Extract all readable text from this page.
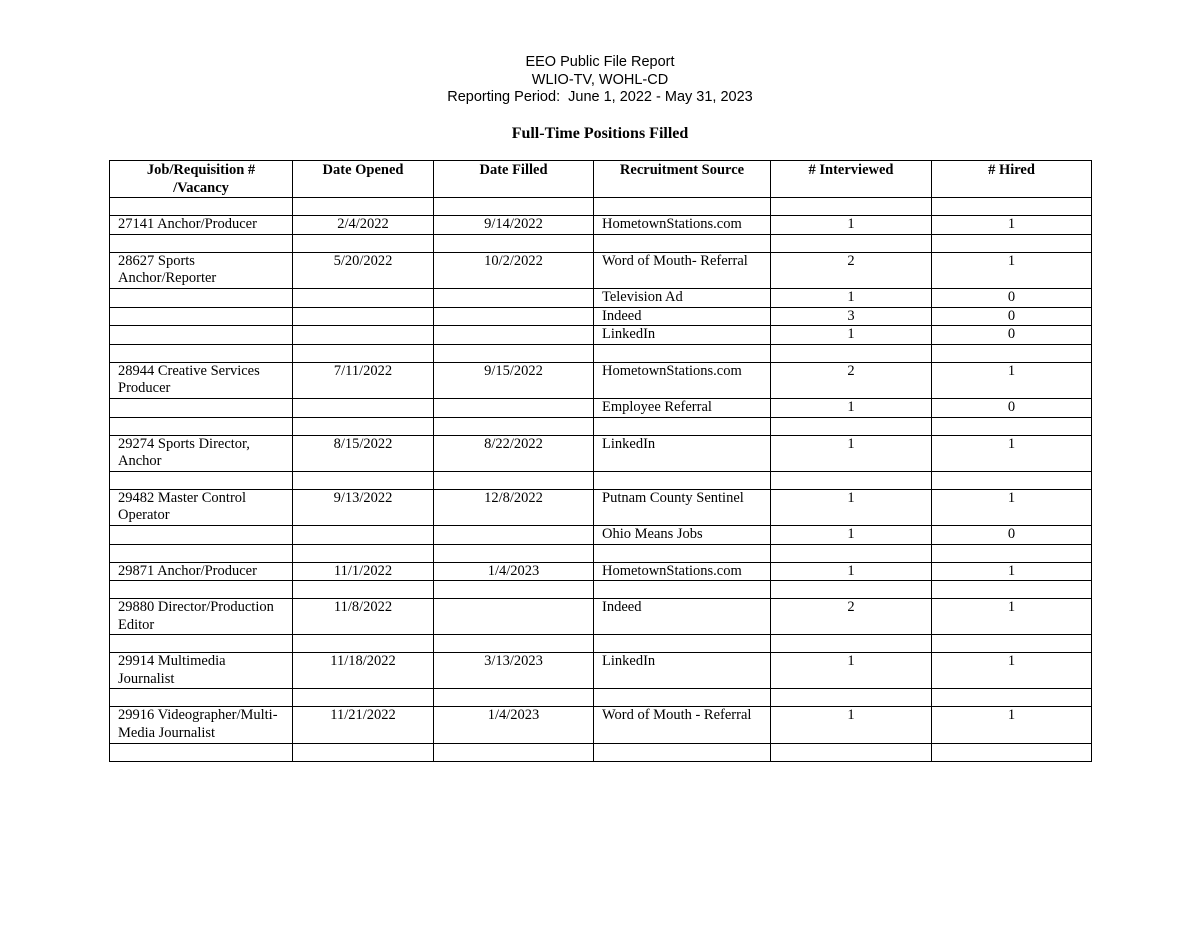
EEO Public File Report
WLIO-TV, WOHL-CD
Reporting Period:  June 1, 2022 - May 31, 2023
Full-Time Positions Filled
Job/Requisition # /Vacancy	Date Opened	Date Filled	Recruitment Source	# Interviewed	# Hired

27141 Anchor/Producer	2/4/2022	9/14/2022	HometownStations.com	1	1

28627 Sports Anchor/Reporter	5/20/2022	10/2/2022	Word of Mouth- Referral	2	1
			Television Ad	1	0
			Indeed	3	0
			LinkedIn	1	0

28944 Creative Services Producer	7/11/2022	9/15/2022	HometownStations.com	2	1
			Employee Referral	1	0

29274 Sports Director, Anchor	8/15/2022	8/22/2022	LinkedIn	1	1

29482 Master Control Operator	9/13/2022	12/8/2022	Putnam County Sentinel	1	1
			Ohio Means Jobs	1	0

29871 Anchor/Producer	11/1/2022	1/4/2023	HometownStations.com	1	1

29880 Director/Production Editor	11/8/2022		Indeed	2	1

29914 Multimedia Journalist	11/18/2022	3/13/2023	LinkedIn	1	1

29916 Videographer/Multi-Media Journalist	11/21/2022	1/4/2023	Word of Mouth - Referral	1	1
